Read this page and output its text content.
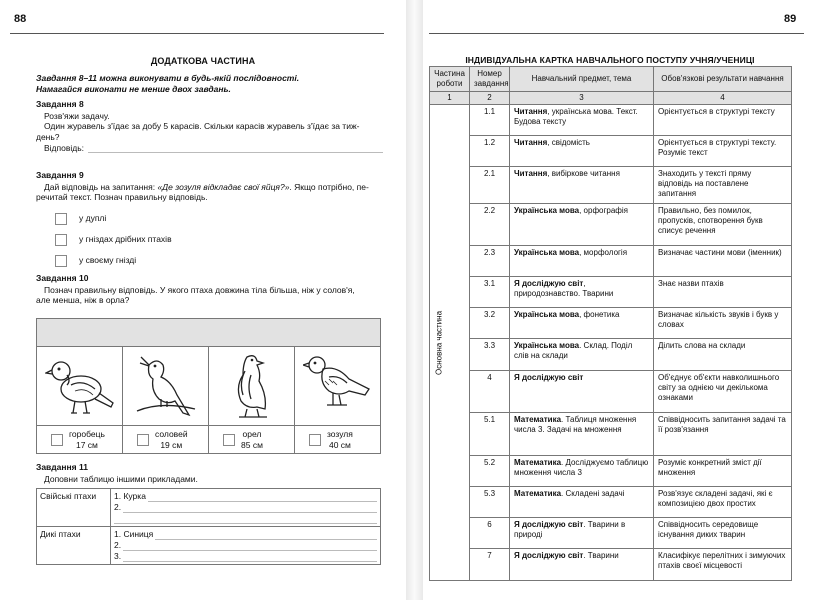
88
ДОДАТКОВА ЧАСТИНА
Завдання 8–11 можна виконувати в будь-якій послідовності.
Намагайся виконати не менше двох завдань.
Завдання 8
Розв'яжи задачу.
Один журавель з'їдає за добу 5 карасів. Скільки карасів журавель з'їдає за тиж-
день?
Відповідь:
Завдання 9
Дай відповідь на запитання: «Де зозуля відкладає свої яйця?». Якщо потрібно, пе-
речитай текст. Познач правильну відповідь.
у дуплі
у гніздах дрібних птахів
у своєму гнізді
Завдання 10
Познач правильну відповідь. У якого птаха довжина тіла більша, ніж у солов'я,
але менша, ніж в орла?
горобець
17 см
соловей
19 см
орел
85 см
зозуля
40 см
Завдання 11
Доповни таблицю іншими прикладами.
Свійські птахи	1. Курка
2.

Дикі птахи	1. Синиця
2.
3.
89
ІНДИВІДУАЛЬНА КАРТКА НАВЧАЛЬНОГО ПОСТУПУ УЧНЯ/УЧЕНИЦІ
Частина роботи	Номер завдання	Навчальний предмет, тема	Обов'язкові результати навчання
1	2	3	4
Основна частина	1.1	Читання, українська мова. Текст. Будова тексту	Орієнтується в структурі тексту
	1.2	Читання, свідомість	Орієнтується в структурі тексту. Розуміє текст
	2.1	Читання, вибіркове читання	Знаходить у тексті пряму відповідь на поставлене запитання
	2.2	Українська мова, орфографія	Правильно, без помилок, пропусків, спотворення букв списує речення
	2.3	Українська мова, морфологія	Визначає частини мови (іменник)
	3.1	Я досліджую світ, природознавство. Тварини	Знає назви птахів
	3.2	Українська мова, фонетика	Визначає кількість звуків і букв у словах
	3.3	Українська мова. Склад. Поділ слів на склади	Ділить слова на склади
	4	Я досліджую світ	Об'єднує об'єкти навколишнього світу за однією чи декількома ознаками
	5.1	Математика. Таблиця множення числа 3. Задачі на множення	Співвідносить запитання задачі та її розв'язання
	5.2	Математика. Досліджуємо таблицю множення числа 3	Розуміє конкретний зміст дії множення
	5.3	Математика. Складені задачі	Розв'язує складені задачі, які є композицією двох простих
	6	Я досліджую світ. Тварини в природі	Співвідносить середовище існування диких тварин
	7	Я досліджую світ. Тварини	Класифікує перелітних і зимуючих птахів своєї місцевості
